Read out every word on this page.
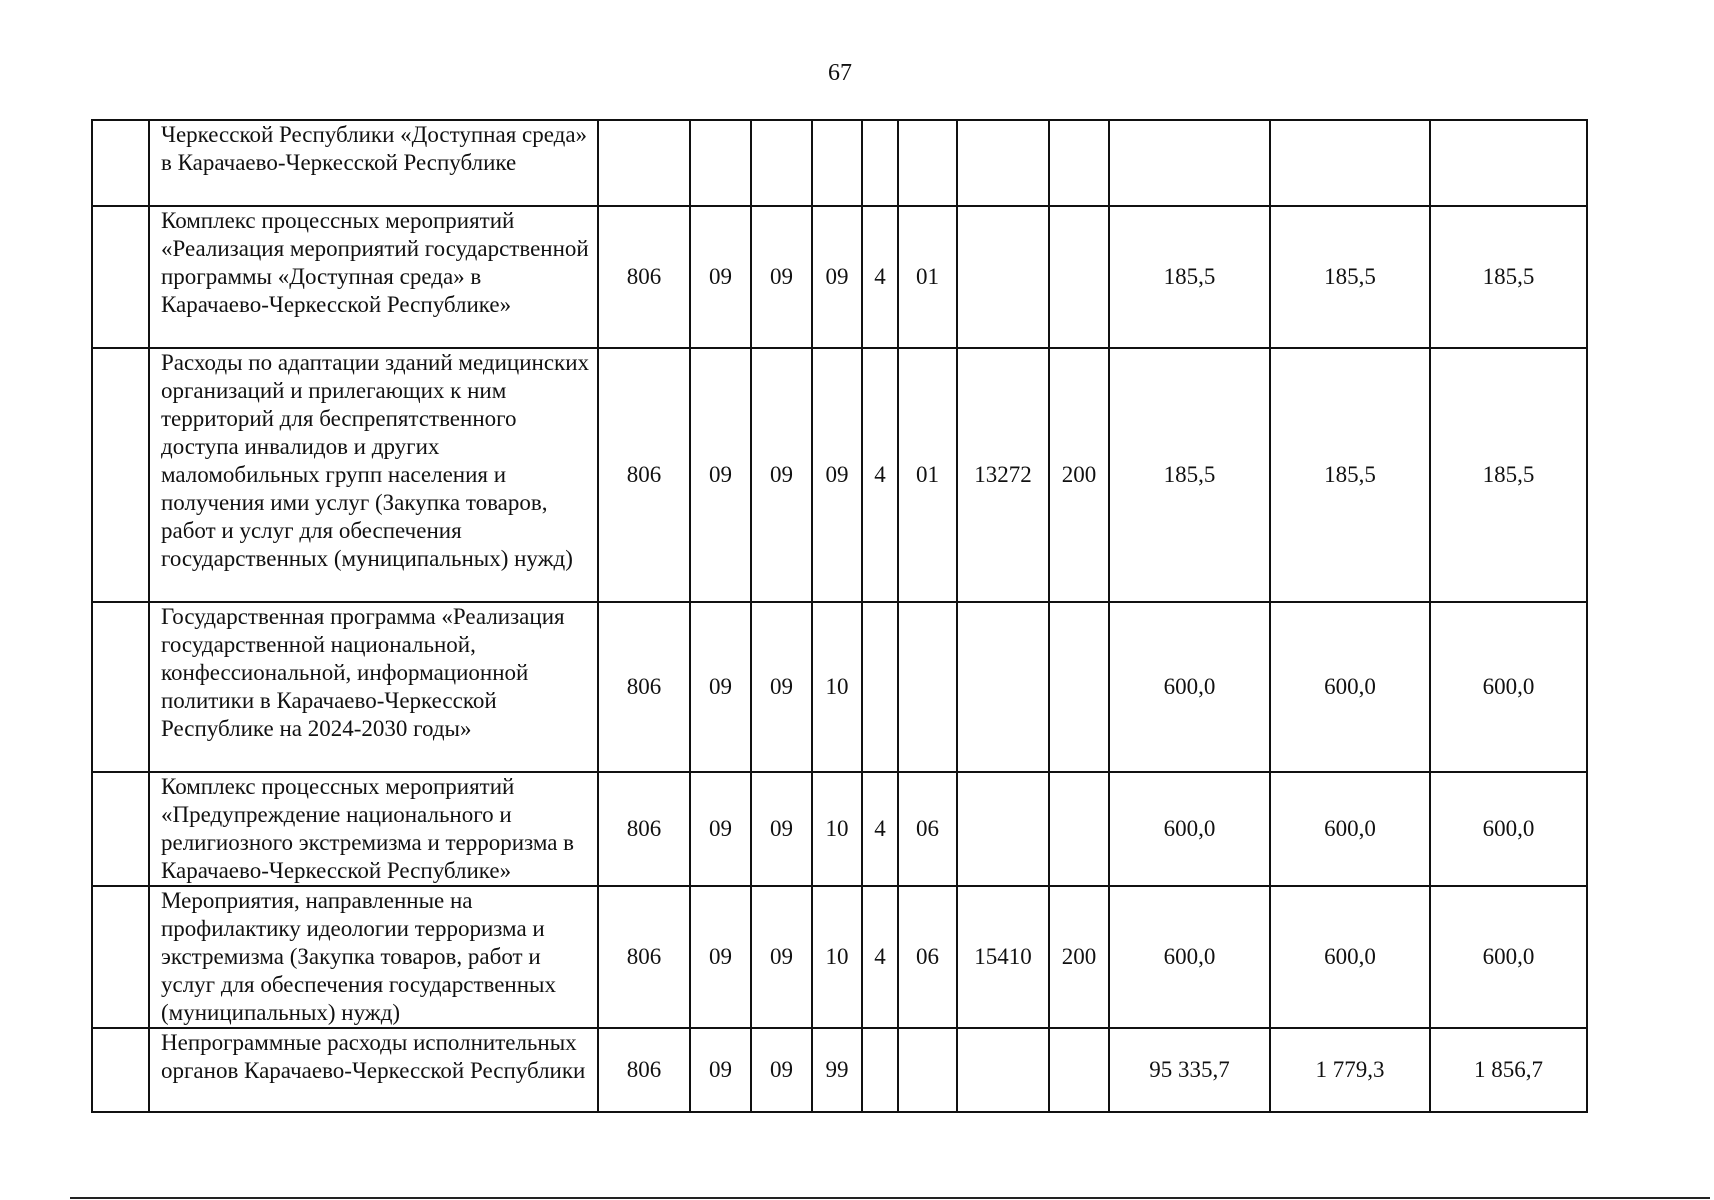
67
	Черкесской Республики «Доступная среда» в Карачаево-Черкесской Республике											
	Комплекс процессных мероприятий «Реализация мероприятий государственной программы «Доступная среда» в Карачаево-Черкесской Республике»	806	09	09	09	4	01			185,5	185,5	185,5
	Расходы по адаптации зданий медицинских организаций и прилегающих к ним территорий для беспрепятственного доступа инвалидов и других маломобильных групп населения и получения ими услуг (Закупка товаров, работ и услуг для обеспечения государственных (муниципальных) нужд)	806	09	09	09	4	01	13272	200	185,5	185,5	185,5
	Государственная программа «Реализация государственной национальной, конфессиональной, информационной политики в Карачаево-Черкесской Республике на 2024-2030 годы»	806	09	09	10					600,0	600,0	600,0
	Комплекс процессных мероприятий «Предупреждение национального и религиозного экстремизма и терроризма в Карачаево-Черкесской Республике»	806	09	09	10	4	06			600,0	600,0	600,0
	Мероприятия, направленные на профилактику идеологии терроризма и экстремизма (Закупка товаров, работ и услуг для обеспечения государственных (муниципальных) нужд)	806	09	09	10	4	06	15410	200	600,0	600,0	600,0
	Непрограммные расходы исполнительных органов Карачаево-Черкесской Республики	806	09	09	99					95 335,7	1 779,3	1 856,7
